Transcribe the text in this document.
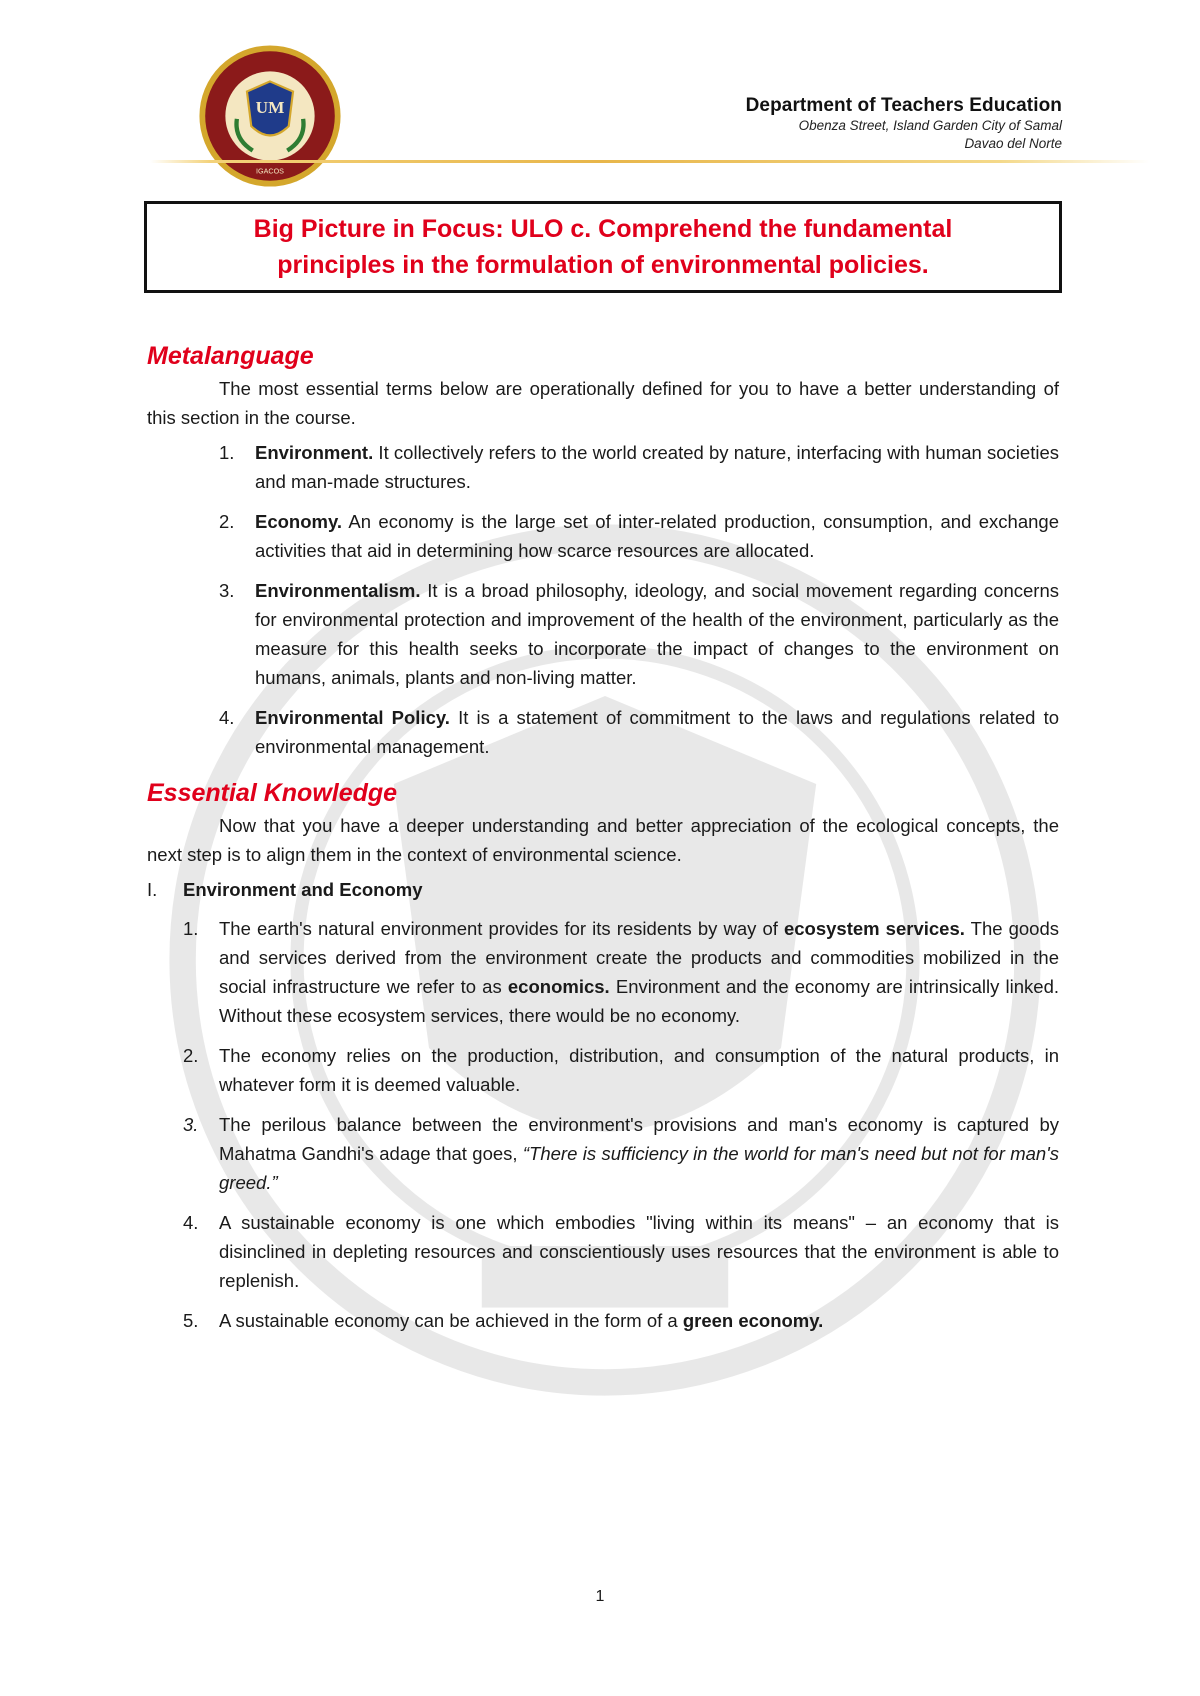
UM
IGACOS
Department of Teachers Education
Obenza Street, Island Garden City of Samal
Davao del Norte
Big Picture in Focus: ULO c. Comprehend the fundamental
principles in the formulation of environmental policies.
Metalanguage

The most essential terms below are operationally defined for you to have a better understanding of this section in the course.

1. Environment. It collectively refers to the world created by nature, interfacing with human societies and man-made structures.
2. Economy. An economy is the large set of inter-related production, consumption, and exchange activities that aid in determining how scarce resources are allocated.
3. Environmentalism. It is a broad philosophy, ideology, and social movement regarding concerns for environmental protection and improvement of the health of the environment, particularly as the measure for this health seeks to incorporate the impact of changes to the environment on humans, animals, plants and non-living matter.
4. Environmental Policy. It is a statement of commitment to the laws and regulations related to environmental management.
Essential Knowledge

Now that you have a deeper understanding and better appreciation of the ecological concepts, the next step is to align them in the context of environmental science.

I. Environment and Economy
1. The earth's natural environment provides for its residents by way of ecosystem services. The goods and services derived from the environment create the products and commodities mobilized in the social infrastructure we refer to as economics. Environment and the economy are intrinsically linked. Without these ecosystem services, there would be no economy.
2. The economy relies on the production, distribution, and consumption of the natural products, in whatever form it is deemed valuable.
3. The perilous balance between the environment's provisions and man's economy is captured by Mahatma Gandhi's adage that goes, “There is sufficiency in the world for man's need but not for man's greed.”
4. A sustainable economy is one which embodies "living within its means" – an economy that is disinclined in depleting resources and conscientiously uses resources that the environment is able to replenish.
5. A sustainable economy can be achieved in the form of a green economy.
1
